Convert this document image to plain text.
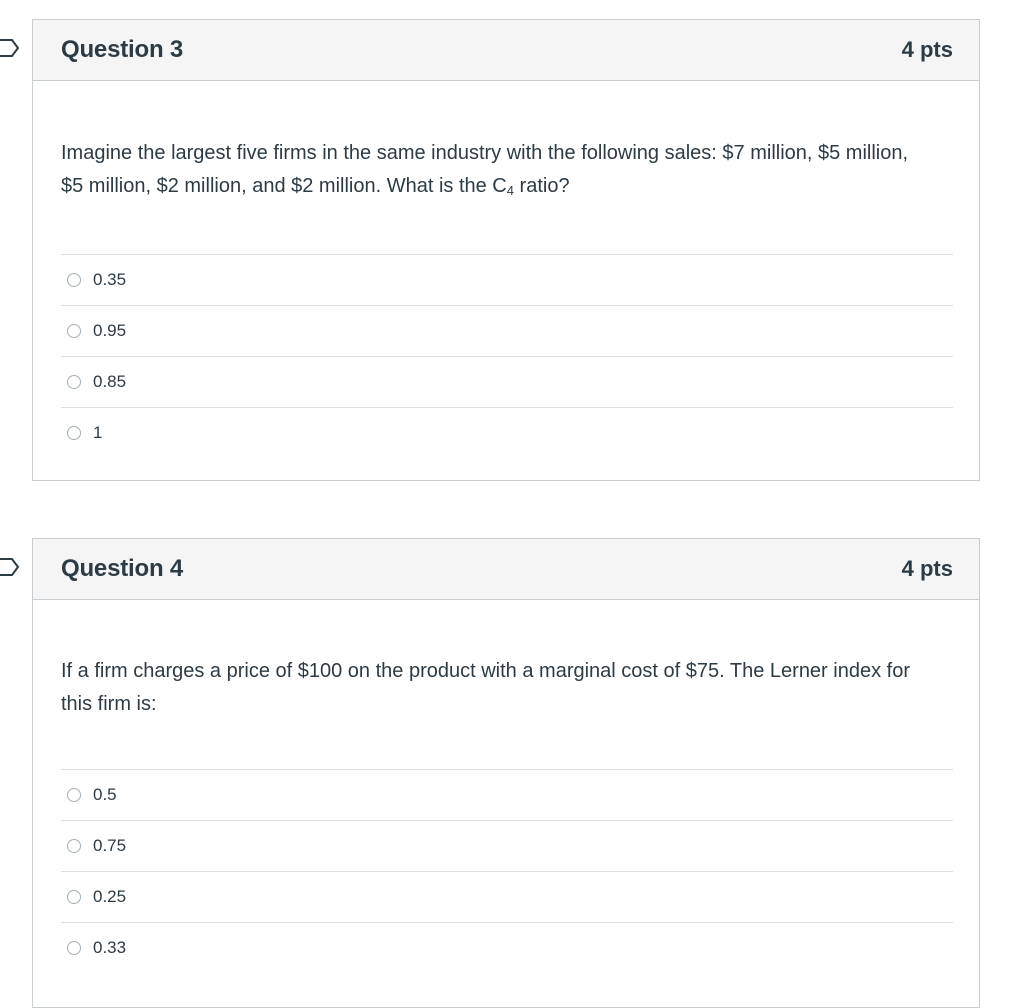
Question 3	4 pts
Imagine the largest five firms in the same industry with the following sales: $7 million, $5 million, $5 million, $2 million, and $2 million. What is the $C_4$ ratio?
0.35
0.95
0.85
1
Question 4	4 pts
If a firm charges a price of $100 on the product with a marginal cost of $75. The Lerner index for this firm is:
0.5
0.75
0.25
0.33
